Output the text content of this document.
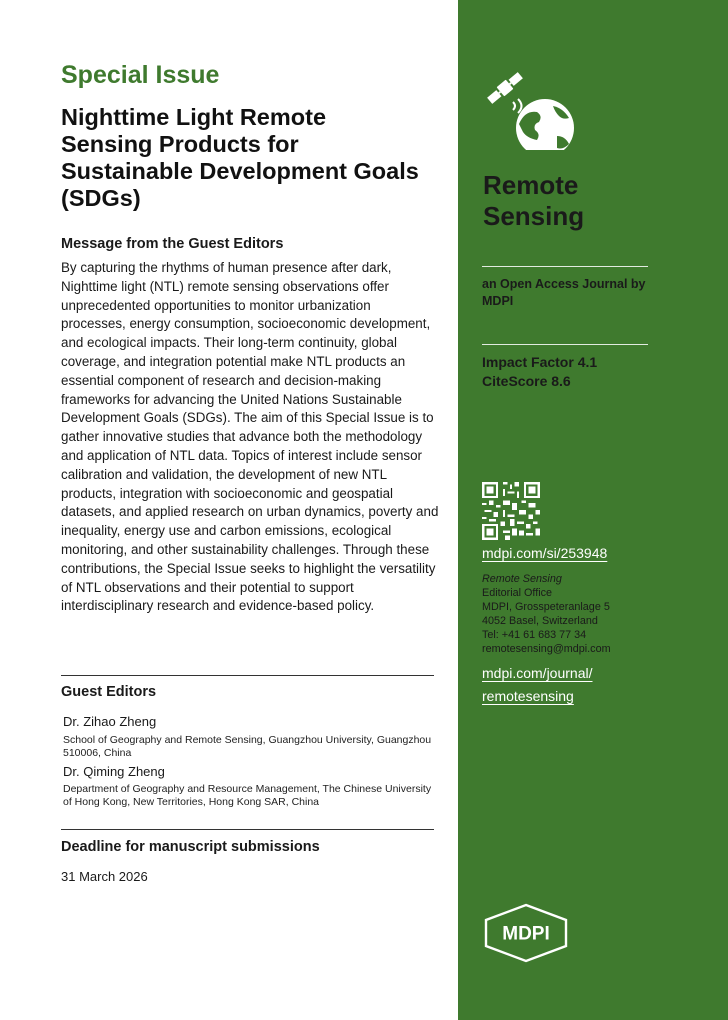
Special Issue
Nighttime Light Remote Sensing Products for Sustainable Development Goals (SDGs)
Message from the Guest Editors

By capturing the rhythms of human presence after dark, Nighttime light (NTL) remote sensing observations offer unprecedented opportunities to monitor urbanization processes, energy consumption, socioeconomic development, and ecological impacts. Their long-term continuity, global coverage, and integration potential make NTL products an essential component of research and decision-making frameworks for advancing the United Nations Sustainable Development Goals (SDGs). The aim of this Special Issue is to gather innovative studies that advance both the methodology and application of NTL data. Topics of interest include sensor calibration and validation, the development of new NTL products, integration with socioeconomic and geospatial datasets, and applied research on urban dynamics, poverty and inequality, energy use and carbon emissions, ecological monitoring, and other sustainability challenges. Through these contributions, the Special Issue seeks to highlight the versatility of NTL observations and their potential to support interdisciplinary research and evidence-based policy.

Guest Editors

Dr. Zihao Zheng

School of Geography and Remote Sensing, Guangzhou University, Guangzhou 510006, China

Dr. Qiming Zheng

Department of Geography and Resource Management, The Chinese University of Hong Kong, New Territories, Hong Kong SAR, China

Deadline for manuscript submissions

31 March 2026

Remote
Sensing

an Open Access Journal by MDPI

Impact Factor 4.1

CiteScore 8.6

mdpi.com/si/253948

Remote Sensing
Editorial Office
MDPI, Grosspeteranlage 5
4052 Basel, Switzerland
Tel: +41 61 683 77 34
remotesensing@mdpi.com

mdpi.com/journal/

remotesensing

MDPI
